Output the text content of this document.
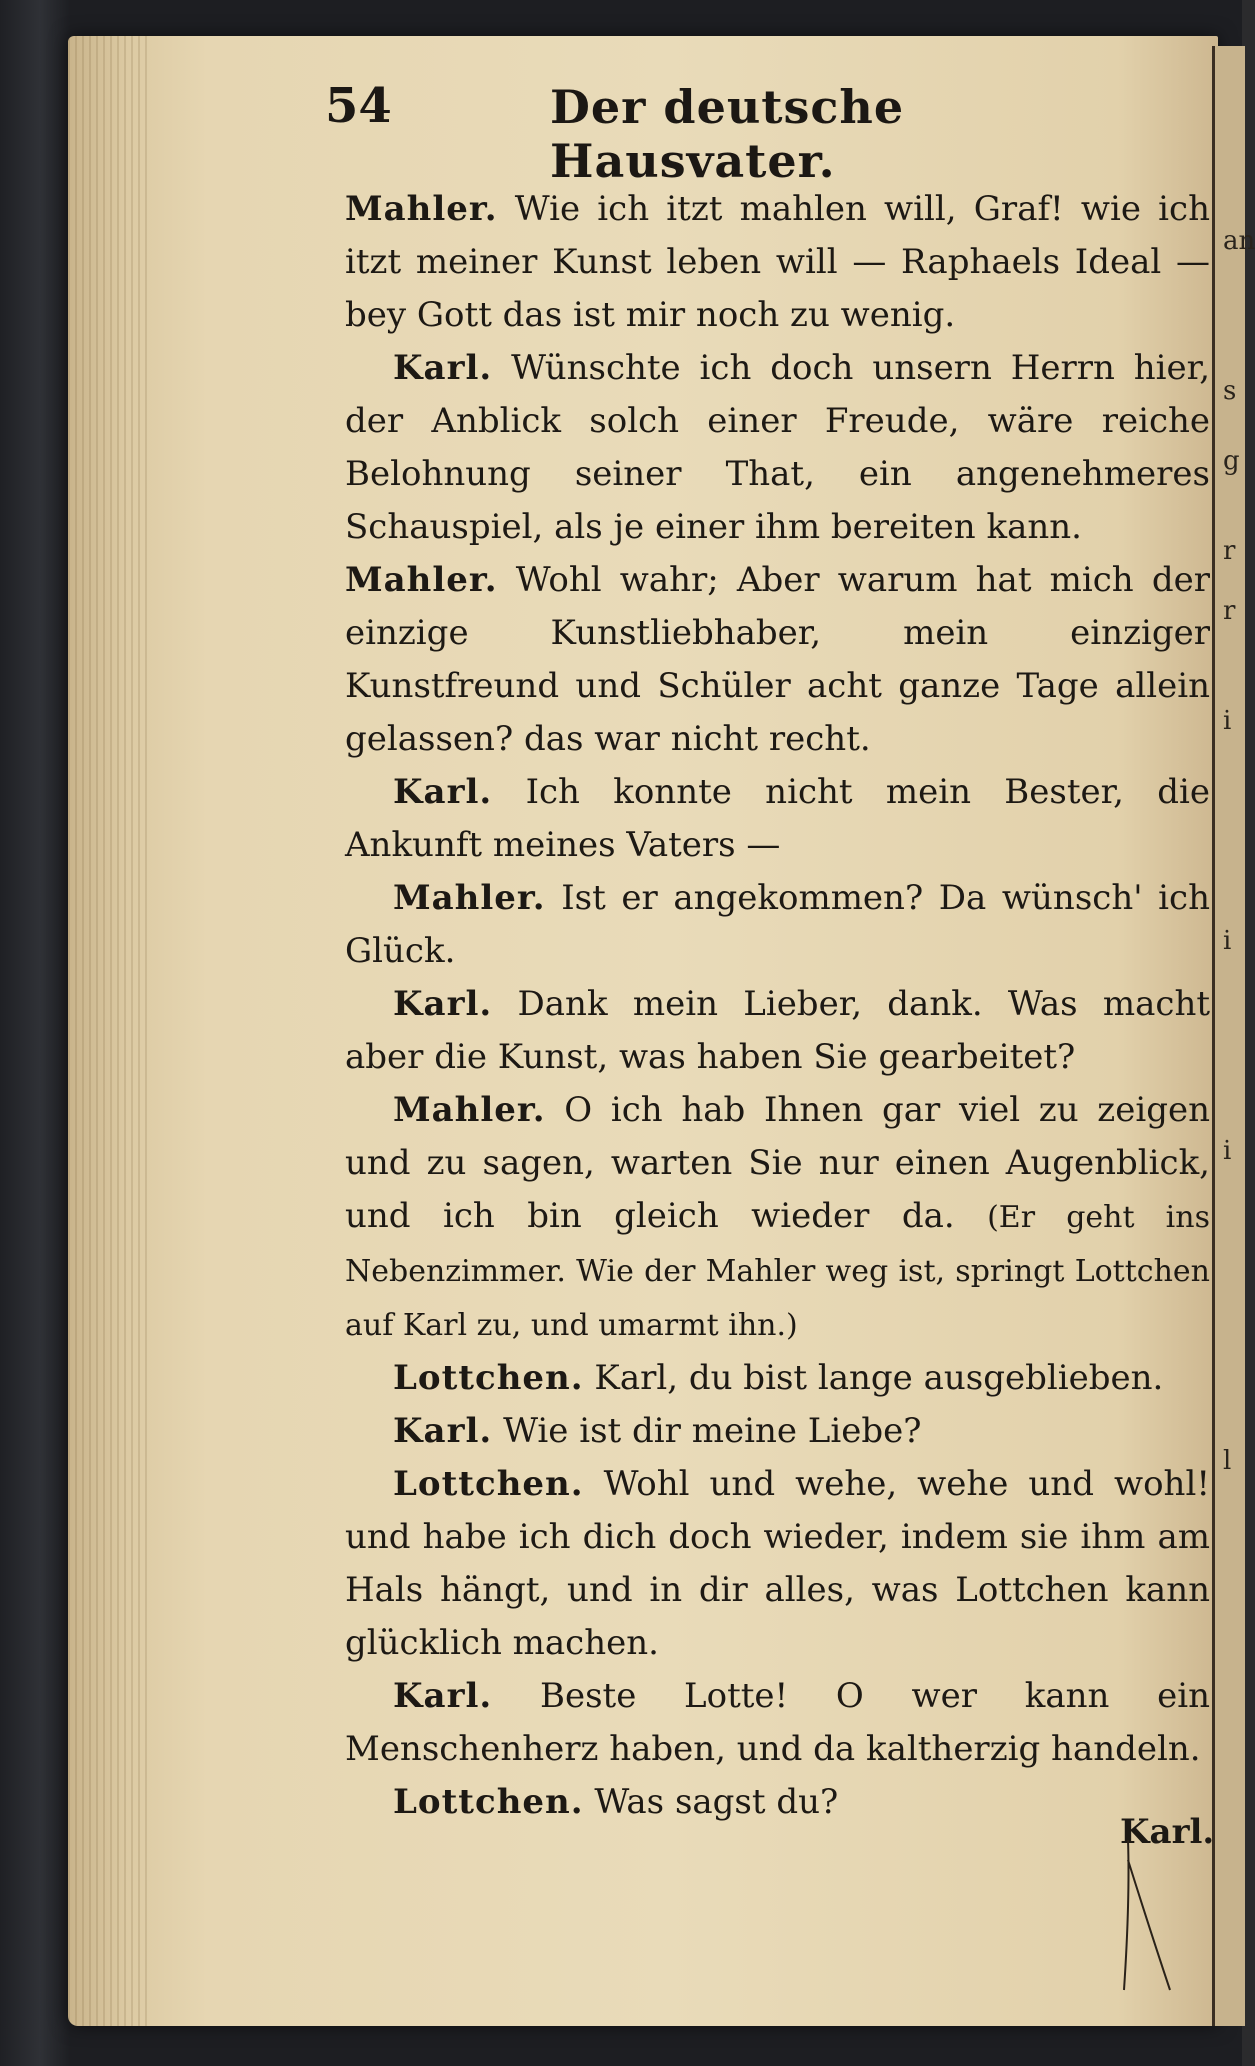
an
s
g
r
r
i
i
i
l
54	Der deutsche Hausvater.

Mahler. Wie ich itzt mahlen will, Graf! wie ich itzt meiner Kunst leben will — Raphaels Ideal — bey Gott das ist mir noch zu wenig.

Karl. Wünschte ich doch unsern Herrn hier, der Anblick solch einer Freude, wäre reiche Belohnung seiner That, ein angenehmeres Schauspiel, als je einer ihm bereiten kann.

Mahler. Wohl wahr; Aber warum hat mich der einzige Kunstliebhaber, mein einziger Kunstfreund und Schüler acht ganze Tage allein gelassen? das war nicht recht.

Karl. Ich konnte nicht mein Bester, die Ankunft meines Vaters —

Mahler. Ist er angekommen? Da wünsch' ich Glück.

Karl. Dank mein Lieber, dank. Was macht aber die Kunst, was haben Sie gearbeitet?

Mahler. O ich hab Ihnen gar viel zu zeigen und zu sagen, warten Sie nur einen Augenblick, und ich bin gleich wieder da. (Er geht ins Nebenzimmer. Wie der Mahler weg ist, springt Lottchen auf Karl zu, und umarmt ihn.)

Lottchen. Karl, du bist lange ausgeblieben.

Karl. Wie ist dir meine Liebe?

Lottchen. Wohl und wehe, wehe und wohl! und habe ich dich doch wieder, indem sie ihm am Hals hängt, und in dir alles, was Lottchen kann glücklich machen.

Karl. Beste Lotte! O wer kann ein Menschenherz haben, und da kaltherzig handeln.

Lottchen. Was sagst du?

Karl.
